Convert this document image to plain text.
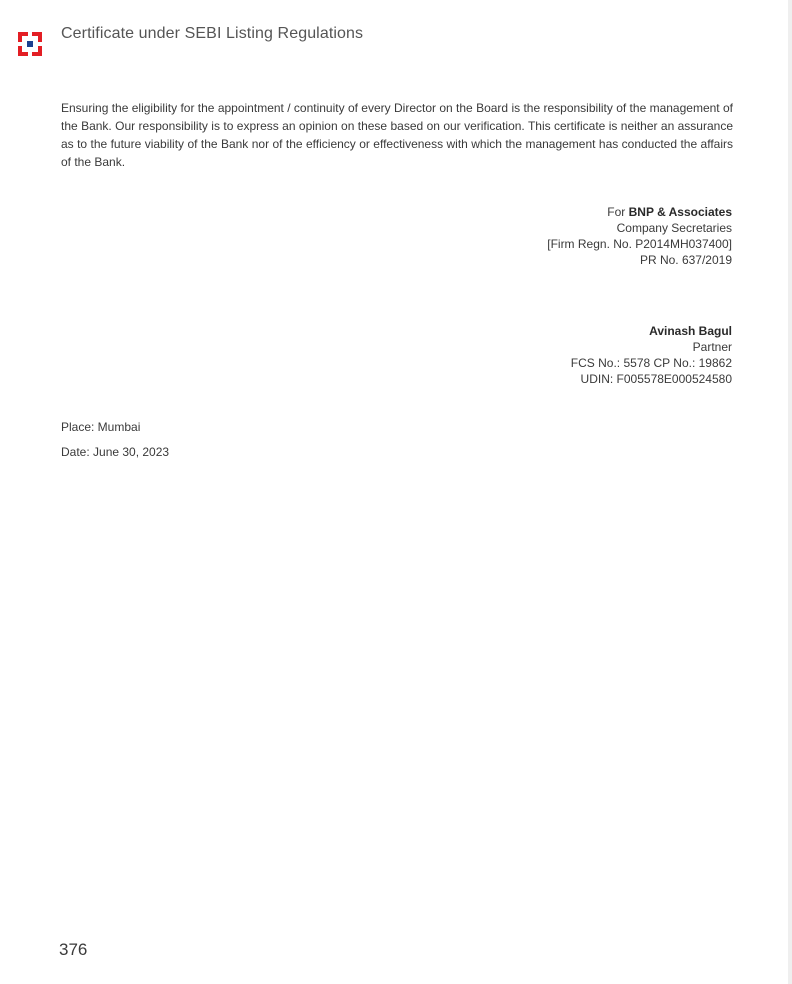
Certificate under SEBI Listing Regulations

Ensuring the eligibility for the appointment / continuity of every Director on the Board is the responsibility of the management of the Bank. Our responsibility is to express an opinion on these based on our verification. This certificate is neither an assurance as to the future viability of the Bank nor of the efficiency or effectiveness with which the management has conducted the affairs of the Bank.

For BNP & Associates
Company Secretaries
[Firm Regn. No. P2014MH037400]
PR No. 637/2019
Avinash Bagul
Partner
FCS No.: 5578 CP No.: 19862
UDIN: F005578E000524580
Place: Mumbai
Date: June 30, 2023
376
